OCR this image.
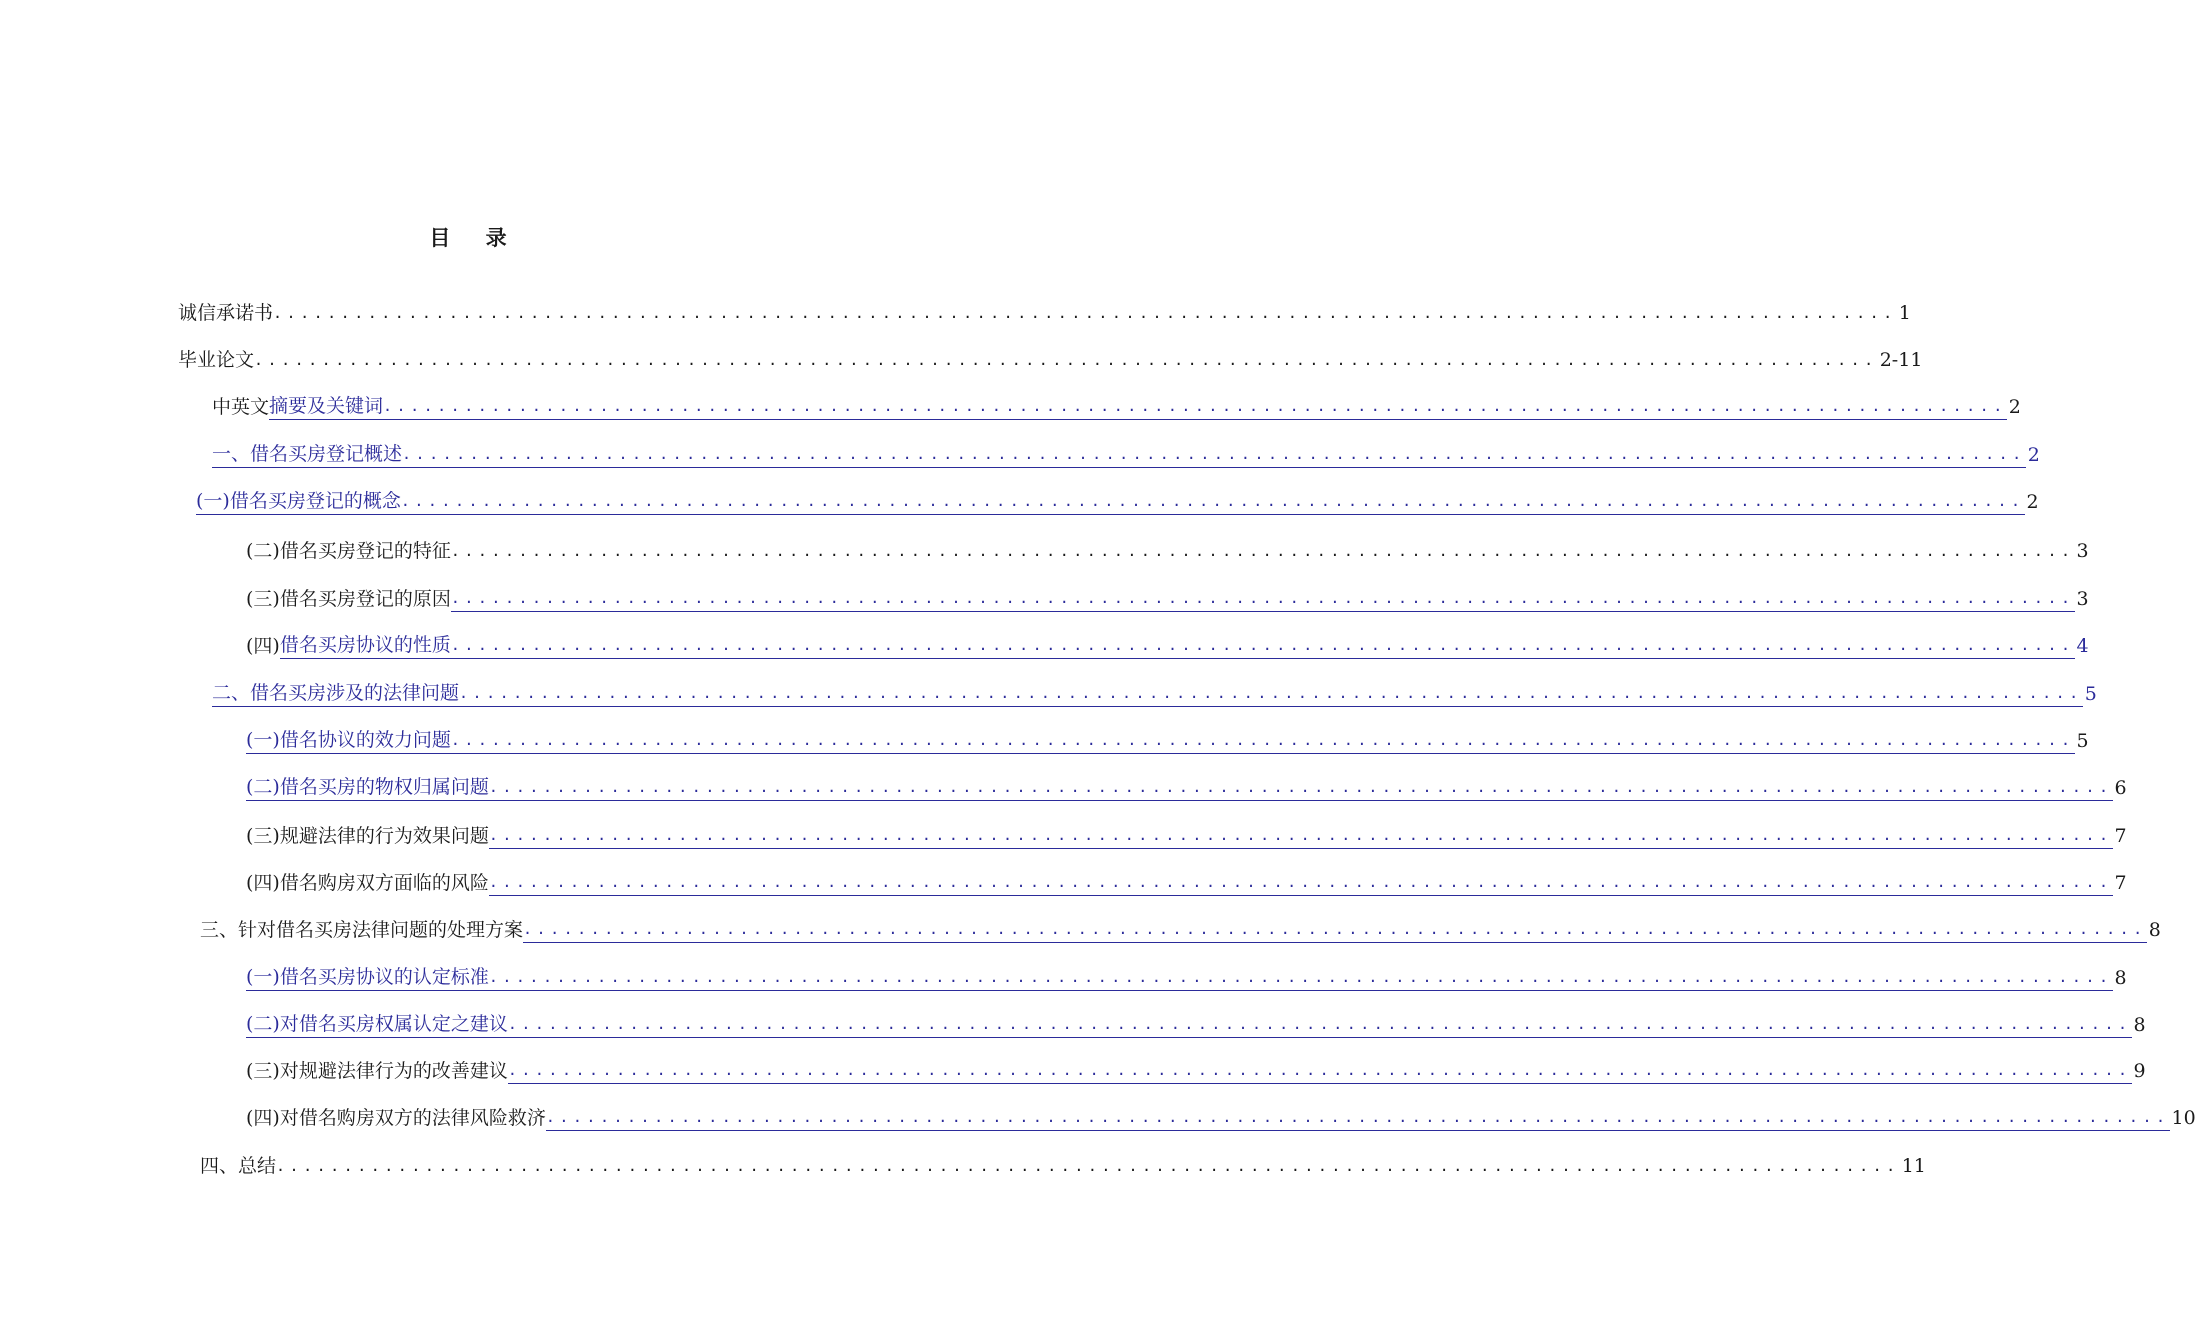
目 录
诚信承诺书 ........................................................................................................................ 1
毕业论文 ........................................................................................................................ 2-11
中英文 摘要及关键词 ........................................................................................................................ 2
一、借名买房登记概述 ........................................................................................................................ 2
(一)借名买房登记的概念 ........................................................................................................................ 2
(二)借名买房登记的特征 ........................................................................................................................ 3
(三)借名买房登记的原因 ........................................................................................................................ 3
(四) 借名买房协议的性质 ........................................................................................................................ 4
二、借名买房涉及的法律问题 ........................................................................................................................ 5
(一)借名协议的效力问题 ........................................................................................................................ 5
(二)借名买房的物权归属问题 ........................................................................................................................ 6
(三)规避法律的行为效果问题 ........................................................................................................................ 7
(四)借名购房双方面临的风险 ........................................................................................................................ 7
三、针对借名买房法律问题的处理方案 ........................................................................................................................ 8
(一)借名买房协议的认定标准 ........................................................................................................................ 8
(二)对借名买房权属认定之建议 ........................................................................................................................ 8
(三)对规避法律行为的改善建议 ........................................................................................................................ 9
(四)对借名购房双方的法律风险救济 ........................................................................................................................ 10
四、总结 ........................................................................................................................ 11
